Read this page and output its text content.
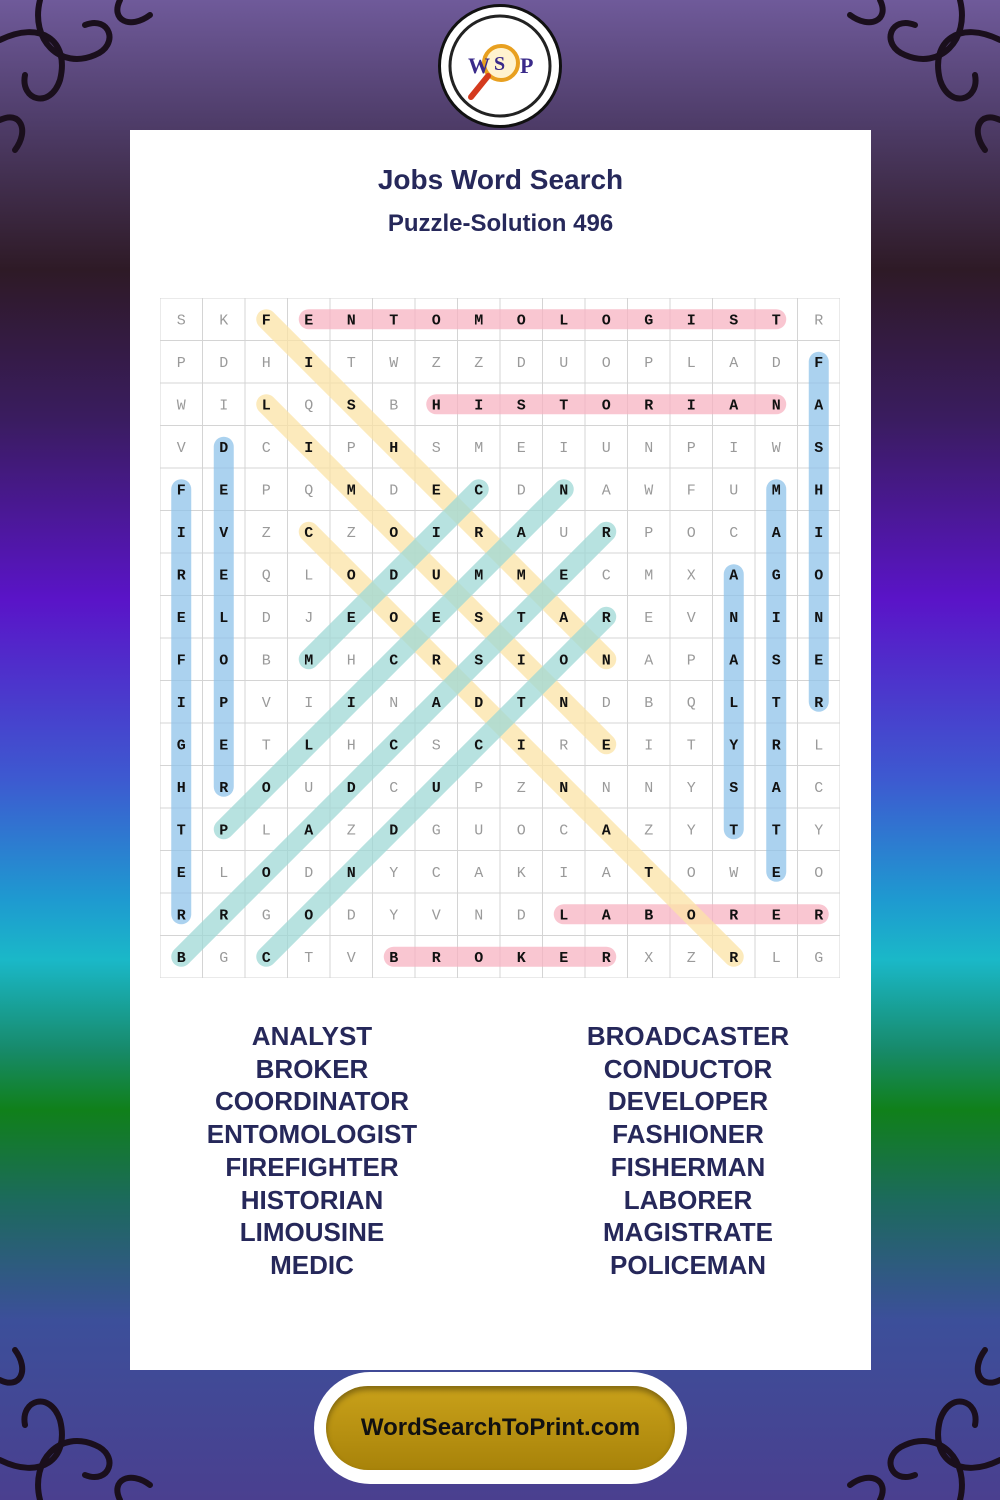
W S P
Jobs Word Search
Puzzle-Solution 496
S K F E N T O M O L O G I S T R
P D H I T W Z Z D U O P L A D F
W I L Q S B H I S T O R I A N A
V D C I P H S M E I U N P I W S
F E P Q M D E C D N A W F U M H
I V Z C Z O I R A U R P O C A I
R E Q L O D U M M E C M X A G O
E L D J E O E S T A R E V N I N
F O B M H C R S I O N A P A S E
I P V I I N A D T N D B Q L T R
G E T L H C S C I R E I T Y R L
H R O U D C U P Z N N N Y S A C
T P L A Z D G U O C A Z Y T T Y
E L O D N Y C A K I A T O W E O
R R G O D Y V N D L A B O R E R
B G C T V B R O K E R X Z R L G
ANALYST
BROKER
COORDINATOR
ENTOMOLOGIST
FIREFIGHTER
HISTORIAN
LIMOUSINE
MEDIC
BROADCASTER
CONDUCTOR
DEVELOPER
FASHIONER
FISHERMAN
LABORER
MAGISTRATE
POLICEMAN
WordSearchToPrint.com
